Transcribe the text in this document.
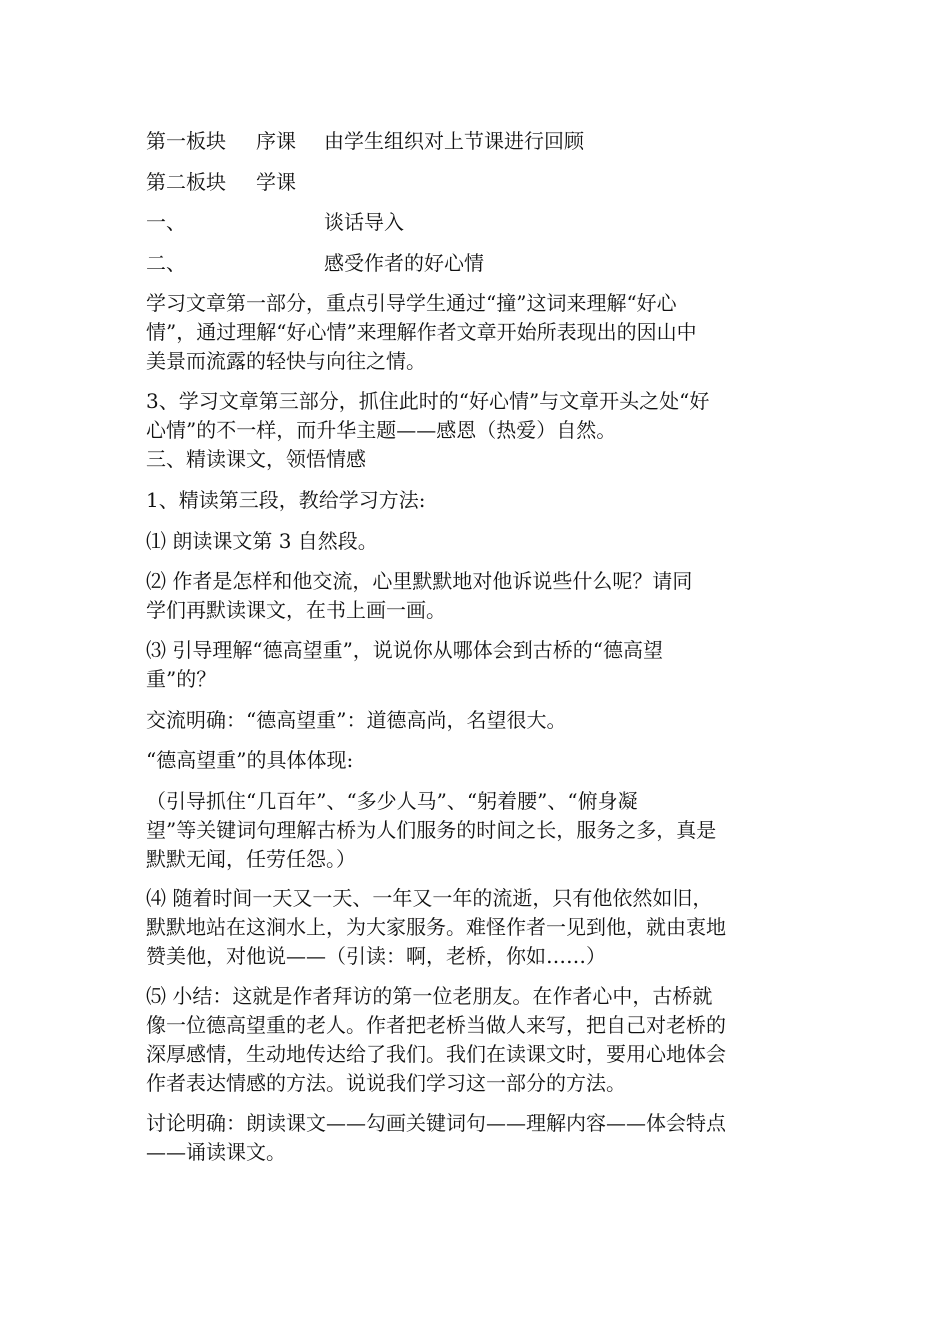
第一板块 序课 由学生组织对上节课进行回顾
第二板块 学课
一、	谈话导入
二、	感受作者的好心情
学习文章第一部分，重点引导学生通过“撞”这词来理解“好心
情”，通过理解“好心情”来理解作者文章开始所表现出的因山中
美景而流露的轻快与向往之情。
3、学习文章第三部分，抓住此时的“好心情”与文章开头之处“好
心情”的不一样，而升华主题——感恩（热爱）自然。
三、精读课文，领悟情感
1、精读第三段，教给学习方法:
⑴ 朗读课文第 3 自然段。
⑵ 作者是怎样和他交流，心里默默地对他诉说些什么呢？请同
学们再默读课文，在书上画一画。
⑶ 引导理解“德高望重”，说说你从哪体会到古桥的“德高望
重”的？
交流明确：“德高望重”：道德高尚，名望很大。
“德高望重”的具体体现:
（引导抓住“几百年”、“多少人马”、“躬着腰”、“俯身凝
望”等关键词句理解古桥为人们服务的时间之长，服务之多，真是
默默无闻，任劳任怨。）
⑷ 随着时间一天又一天、一年又一年的流逝，只有他依然如旧，
默默地站在这涧水上，为大家服务。难怪作者一见到他，就由衷地
赞美他，对他说——（引读：啊，老桥，你如……）
⑸ 小结：这就是作者拜访的第一位老朋友。在作者心中，古桥就
像一位德高望重的老人。作者把老桥当做人来写，把自己对老桥的
深厚感情，生动地传达给了我们。我们在读课文时，要用心地体会
作者表达情感的方法。说说我们学习这一部分的方法。
讨论明确：朗读课文——勾画关键词句——理解内容——体会特点
——诵读课文。
